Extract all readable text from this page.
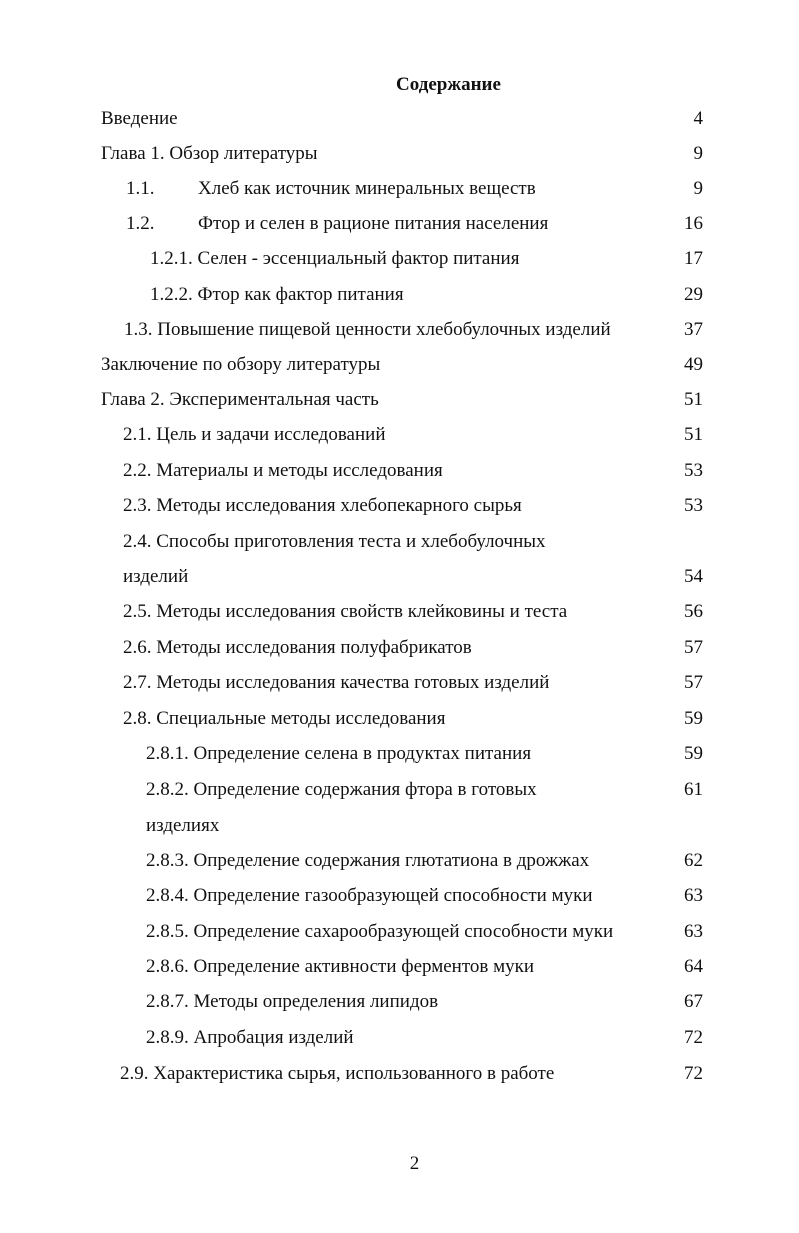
Содержание
Введение	4
Глава 1. Обзор литературы	9
1.1. Хлеб как источник минеральных веществ	9
1.2. Фтор и селен в рационе питания населения	16
1.2.1. Селен - эссенциальный фактор питания	17
1.2.2. Фтор как фактор питания	29
1.3. Повышение пищевой ценности хлебобулочных изделий	37
Заключение по обзору литературы	49
Глава 2. Экспериментальная часть	51
2.1. Цель и задачи исследований	51
2.2. Материалы и методы исследования	53
2.3. Методы исследования хлебопекарного сырья	53
2.4. Способы приготовления теста и хлебобулочных
изделий	54
2.5. Методы исследования свойств клейковины и теста	56
2.6. Методы исследования полуфабрикатов	57
2.7. Методы исследования качества готовых изделий	57
2.8. Специальные методы исследования	59
2.8.1. Определение селена в продуктах питания	59
2.8.2. Определение содержания фтора в готовых	61
изделиях
2.8.3. Определение содержания глютатиона в дрожжах	62
2.8.4. Определение газообразующей способности муки	63
2.8.5. Определение сахарообразующей способности муки	63
2.8.6. Определение активности ферментов муки	64
2.8.7. Методы определения липидов	67
2.8.9. Апробация изделий	72
2.9. Характеристика сырья, использованного в работе	72
2
